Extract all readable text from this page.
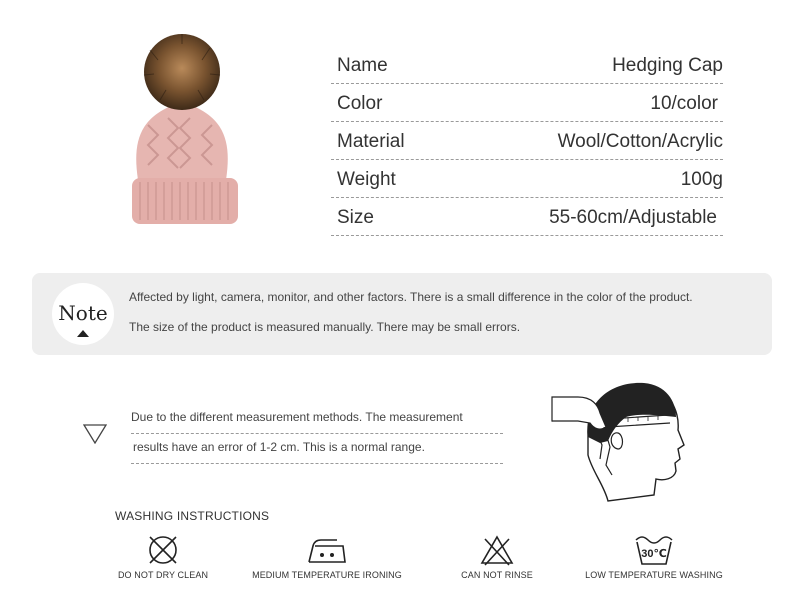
Name	Hedging Cap
Color	10/color
Material	Wool/Cotton/Acrylic
Weight	100g
Size	55-60cm/Adjustable
Note
Affected by light, camera, monitor, and other factors. There is a small difference in the color of the product.
The size of the product is measured manually. There may be small errors.
Due to the different measurement methods. The measurement
results have an error of 1-2 cm. This is a normal range.
WASHING INSTRUCTIONS
DO NOT DRY CLEAN	MEDIUM TEMPERATURE IRONING	CAN NOT RINSE
30℃
LOW TEMPERATURE WASHING
